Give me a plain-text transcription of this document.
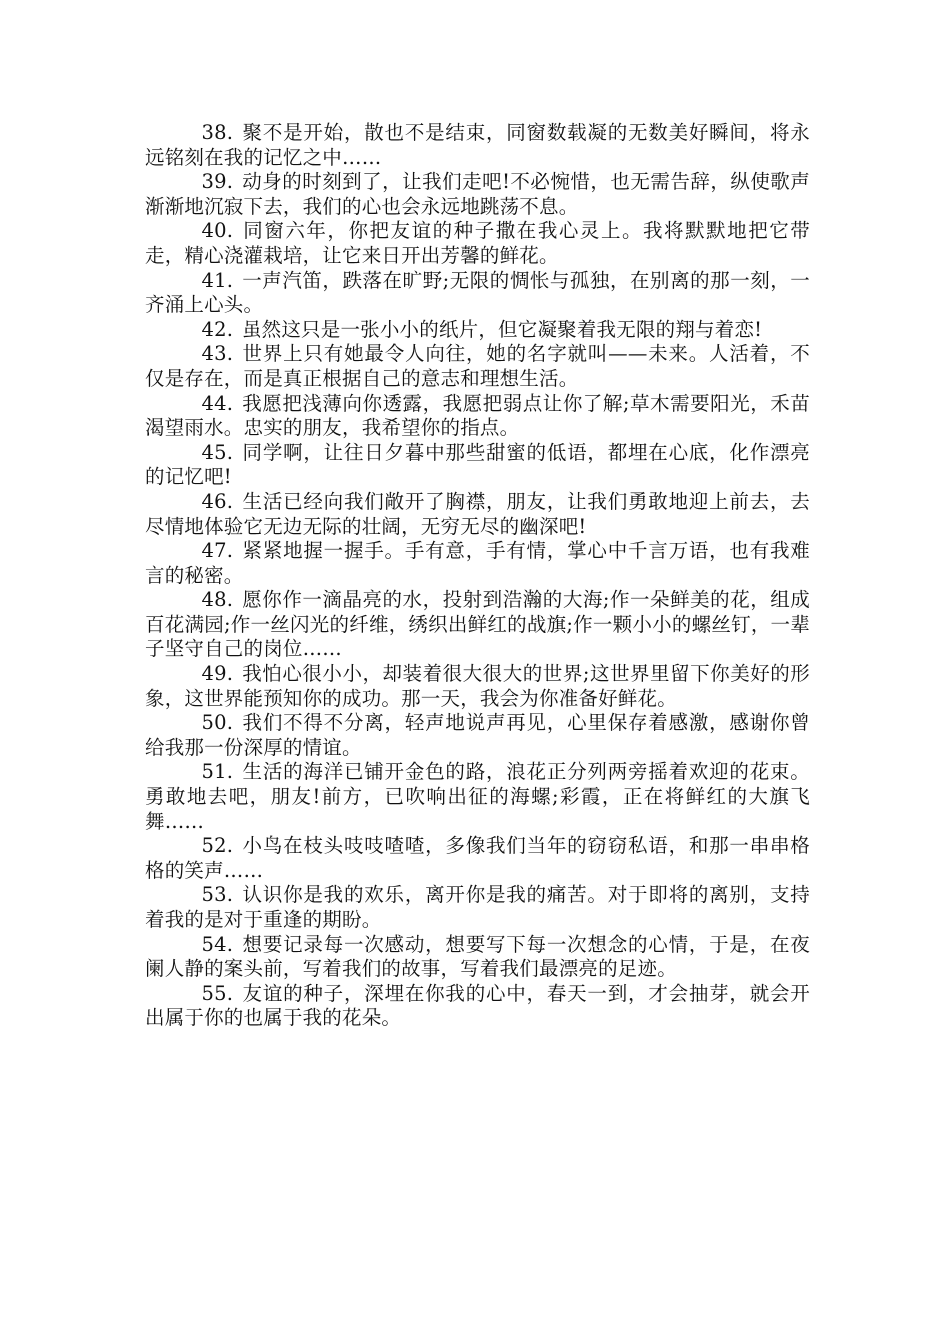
38. 聚不是开始，散也不是结束，同窗数载凝的无数美好瞬间，将永远铭刻在我的记忆之中……

39. 动身的时刻到了，让我们走吧!不必惋惜，也无需告辞，纵使歌声渐渐地沉寂下去，我们的心也会永远地跳荡不息。

40. 同窗六年，你把友谊的种子撒在我心灵上。我将默默地把它带走，精心浇灌栽培，让它来日开出芳馨的鲜花。

41. 一声汽笛，跌落在旷野;无限的惆怅与孤独，在别离的那一刻，一齐涌上心头。

42. 虽然这只是一张小小的纸片，但它凝聚着我无限的翔与着恋!

43. 世界上只有她最令人向往，她的名字就叫——未来。人活着，不仅是存在，而是真正根据自己的意志和理想生活。

44. 我愿把浅薄向你透露，我愿把弱点让你了解;草木需要阳光，禾苗渴望雨水。忠实的朋友，我希望你的指点。

45. 同学啊，让往日夕暮中那些甜蜜的低语，都埋在心底，化作漂亮的记忆吧!

46. 生活已经向我们敞开了胸襟，朋友，让我们勇敢地迎上前去，去尽情地体验它无边无际的壮阔，无穷无尽的幽深吧!

47. 紧紧地握一握手。手有意，手有情，掌心中千言万语，也有我难言的秘密。

48. 愿你作一滴晶亮的水，投射到浩瀚的大海;作一朵鲜美的花，组成百花满园;作一丝闪光的纤维，绣织出鲜红的战旗;作一颗小小的螺丝钉，一辈子坚守自己的岗位……

49. 我怕心很小小，却装着很大很大的世界;这世界里留下你美好的形象，这世界能预知你的成功。那一天，我会为你准备好鲜花。

50. 我们不得不分离，轻声地说声再见，心里保存着感激，感谢你曾给我那一份深厚的情谊。

51. 生活的海洋已铺开金色的路，浪花正分列两旁摇着欢迎的花束。勇敢地去吧，朋友!前方，已吹响出征的海螺;彩霞，正在将鲜红的大旗飞舞……

52. 小鸟在枝头吱吱喳喳，多像我们当年的窃窃私语，和那一串串格格的笑声……

53. 认识你是我的欢乐，离开你是我的痛苦。对于即将的离别，支持着我的是对于重逢的期盼。

54. 想要记录每一次感动，想要写下每一次想念的心情，于是，在夜阑人静的案头前，写着我们的故事，写着我们最漂亮的足迹。

55. 友谊的种子，深埋在你我的心中，春天一到，才会抽芽，就会开出属于你的也属于我的花朵。
